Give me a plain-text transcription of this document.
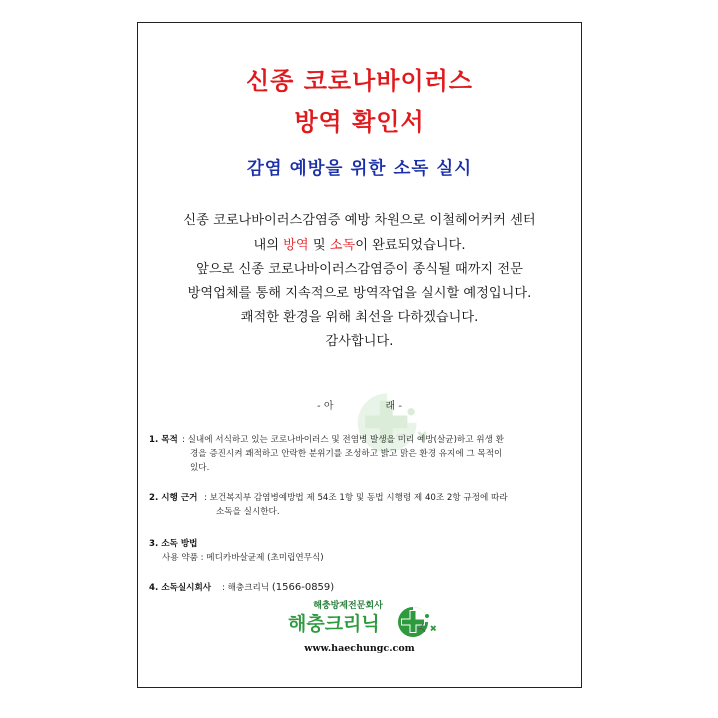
신종 코로나바이러스
방역 확인서
감염 예방을 위한 소독 실시
신종 코로나바이러스감염증 예방 차원으로 이철헤어커커 센터
내의 방역 및 소독이 완료되었습니다.
앞으로 신종 코로나바이러스감염증이 종식될 때까지 전문
방역업체를 통해 지속적으로 방역작업을 실시할 예정입니다.
쾌적한 환경을 위해 최선을 다하겠습니다.
감사합니다.
- 아	래 -
1. 목적 : 실내에 서식하고 있는 코로나바이러스 및 전염병 발생을 미리 예방(살균)하고 위생 환
경을 증진시켜 쾌적하고 안락한 분위기를 조성하고 밝고 맑은 환경 유지에 그 목적이
있다.
2. 시행 근거 : 보건복지부 감염병예방법 제 54조 1항 및 동법 시행령 제 40조 2항 규정에 따라
소독을 실시한다.
3. 소독 방법
사용 약품 : 메디카바살균제 (초미립연무식)
4. 소독실시회사 : 해충크리닉 (1566-0859)
해충방제전문회사
해충크리닉
www.haechungc.com
